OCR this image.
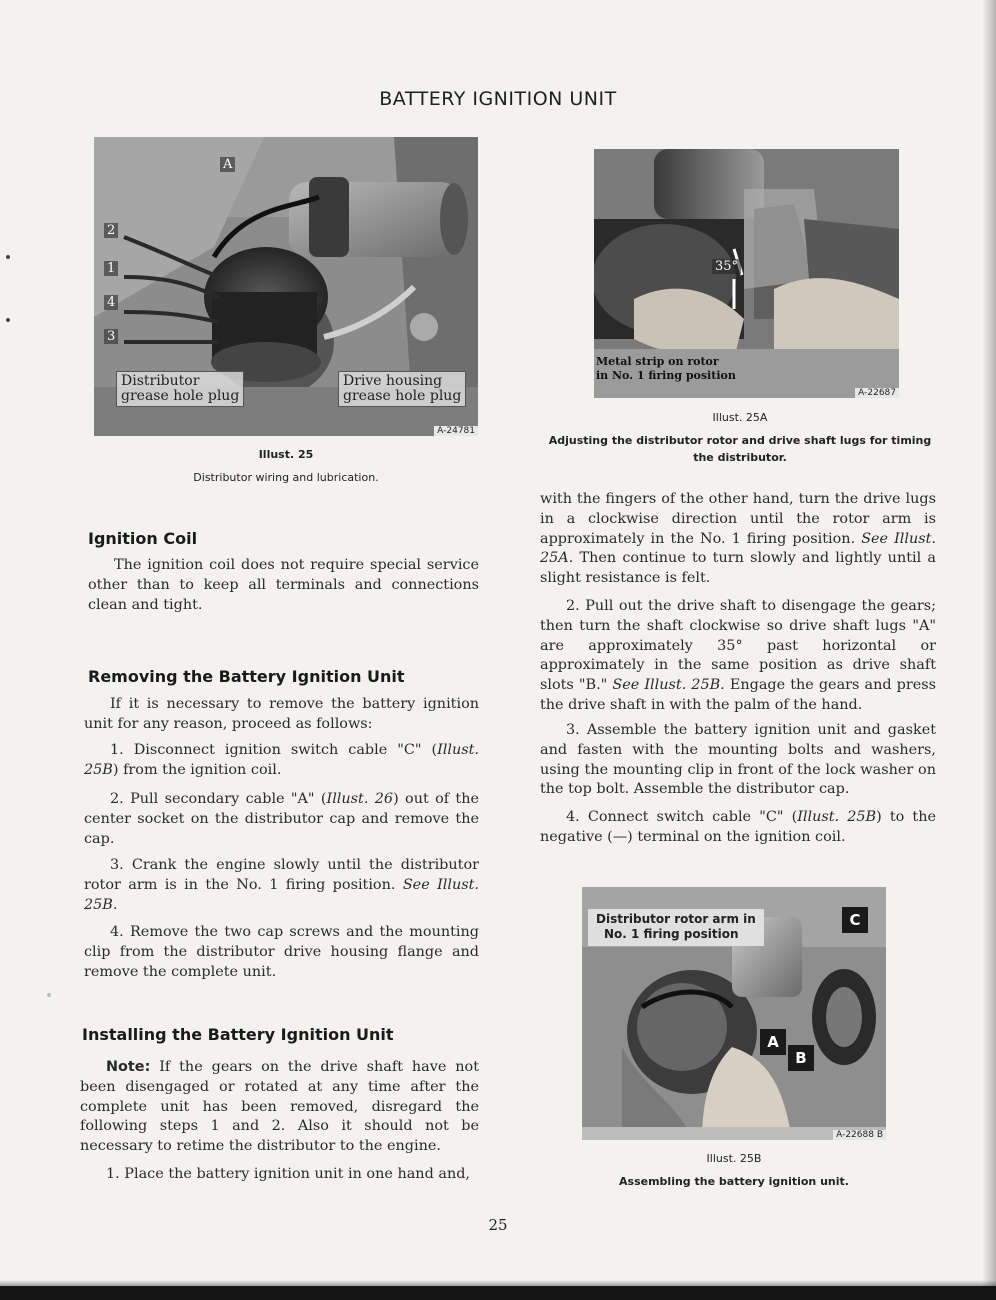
BATTERY IGNITION UNIT
A
2
1
4
3
Distributor
grease hole plug
Drive housing
grease hole plug
A-24781
Illust. 25
Distributor wiring and lubrication.
35°
Metal strip on rotor
in No. 1 firing position
A-22687
Illust. 25A
Adjusting the distributor rotor and drive shaft lugs for timing
the distributor.
Distributor rotor arm in
No. 1 firing position
C
A
B
A-22688 B
Illust. 25B
Assembling the battery ignition unit.
Ignition Coil

The ignition coil does not require special service other than to keep all terminals and connections clean and tight.

Removing the Battery Ignition Unit

If it is necessary to remove the battery ignition unit for any reason, proceed as follows:

1. Disconnect ignition switch cable "C" (Illust. 25B) from the ignition coil.

2. Pull secondary cable "A" (Illust. 26) out of the center socket on the distributor cap and remove the cap.

3. Crank the engine slowly until the distributor rotor arm is in the No. 1 firing position. See Illust. 25B.

4. Remove the two cap screws and the mounting clip from the distributor drive housing flange and remove the complete unit.

Installing the Battery Ignition Unit

Note: If the gears on the drive shaft have not been disengaged or rotated at any time after the complete unit has been removed, disregard the following steps 1 and 2. Also it should not be necessary to retime the distributor to the engine.

1. Place the battery ignition unit in one hand and,

with the fingers of the other hand, turn the drive lugs in a clockwise direction until the rotor arm is approximately in the No. 1 firing position. See Illust. 25A. Then continue to turn slowly and lightly until a slight resistance is felt.

2. Pull out the drive shaft to disengage the gears; then turn the shaft clockwise so drive shaft lugs "A" are approximately 35° past horizontal or approximately in the same position as drive shaft slots "B." See Illust. 25B. Engage the gears and press the drive shaft in with the palm of the hand.

3. Assemble the battery ignition unit and gasket and fasten with the mounting bolts and washers, using the mounting clip in front of the lock washer on the top bolt. Assemble the distributor cap.

4. Connect switch cable "C" (Illust. 25B) to the negative (—) terminal on the ignition coil.

25
